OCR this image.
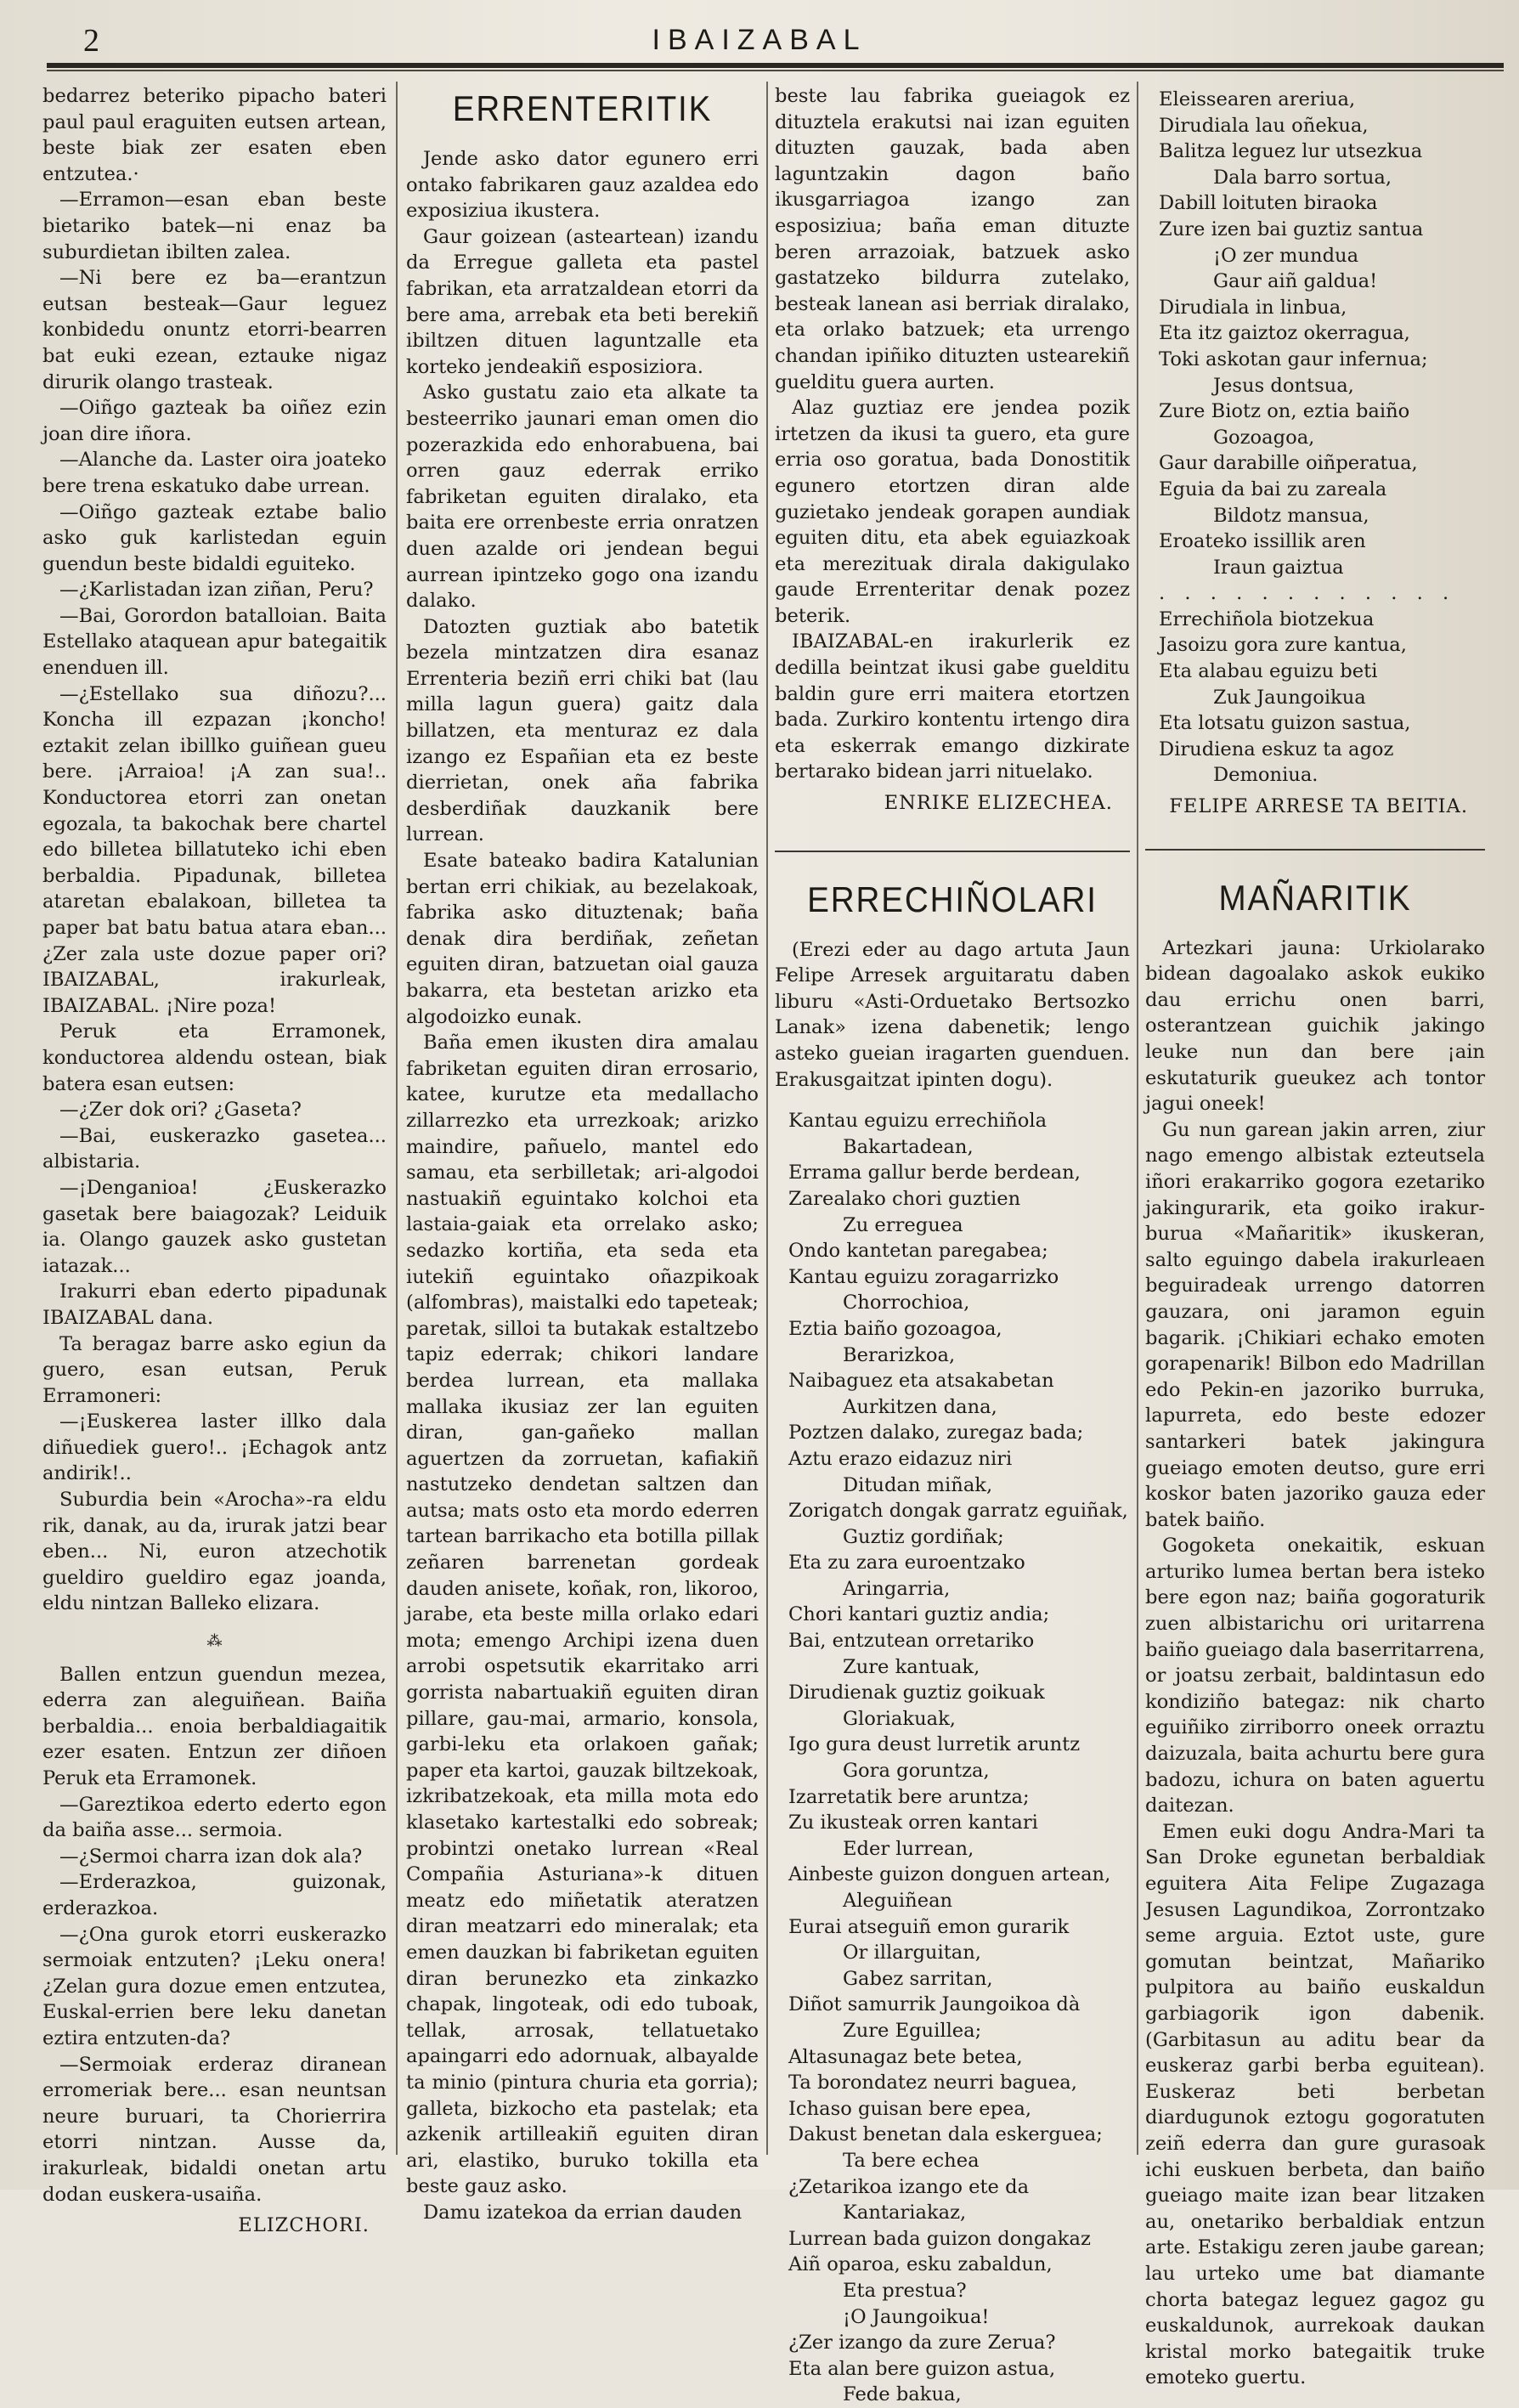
2	IBAIZABAL

bedarrez beteriko pipacho bateri paul paul eraguiten eutsen artean, beste biak zer esaten eben entzutea.·

—Erramon—esan eban beste bietariko batek—ni enaz ba suburdietan ibilten zalea.

—Ni bere ez ba—erantzun eutsan besteak—Gaur leguez konbidedu onuntz etorri-bearren bat euki ezean, eztauke nigaz dirurik olango trasteak.

—Oiñgo gazteak ba oiñez ezin joan dire iñora.

—Alanche da. Laster oira joateko bere trena eskatuko dabe urrean.

—Oiñgo gazteak eztabe balio asko guk karlistedan eguin guendun beste bidaldi eguiteko.

—¿Karlistadan izan ziñan, Peru?

—Bai, Gorordon batalloian. Baita Estellako ataquean apur bategaitik enenduen ill.

—¿Estellako sua diñozu?... Koncha ill ezpazan ¡koncho! eztakit zelan ibillko guiñean gueu bere. ¡Arraioa! ¡A zan sua!.. Konductorea etorri zan onetan egozala, ta bakochak bere chartel edo billetea billatuteko ichi eben berbaldia. Pipadunak, billetea ataretan ebalakoan, billetea ta paper bat batu batua atara eban... ¿Zer zala uste dozue paper ori? IBAIZABAL, irakurleak, IBAIZABAL. ¡Nire poza!

Peruk eta Erramonek, konductorea aldendu ostean, biak batera esan eutsen:

—¿Zer dok ori? ¿Gaseta?

—Bai, euskerazko gasetea... albistaria.

—¡Denganioa! ¿Euskerazko gasetak bere baiagozak? Leiduik ia. Olango gauzek asko gustetan iatazak...

Irakurri eban ederto pipadunak IBAIZABAL dana.

Ta beragaz barre asko egiun da guero, esan eutsan, Peruk Erramoneri:

—¡Euskerea laster illko dala diñuediek guero!.. ¡Echagok antz andirik!..

Suburdia bein «Arocha»-ra eldu rik, danak, au da, irurak jatzi bear eben... Ni, euron atzechotik gueldiro gueldiro egaz joanda, eldu nintzan Balleko elizara.

⁂

Ballen entzun guendun mezea, ederra zan aleguiñean. Baiña berbaldia... enoia berbaldiagaitik ezer esaten. Entzun zer diñoen Peruk eta Erramonek.

—Gareztikoa ederto ederto egon da baiña asse... sermoia.

—¿Sermoi charra izan dok ala?

—Erderazkoa, guizonak, erderazkoa.

—¿Ona gurok etorri euskerazko sermoiak entzuten? ¡Leku onera! ¿Zelan gura dozue emen entzutea, Euskal-errien bere leku danetan eztira entzuten-da?

—Sermoiak erderaz diranean erromeriak bere... esan neuntsan neure buruari, ta Chorierrira etorri nintzan. Ausse da, irakurleak, bidaldi onetan artu dodan euskera-usaiña.

ELIZCHORI.
ERRENTERITIK

Jende asko dator egunero erri ontako fabrikaren gauz azaldea edo exposiziua ikustera.

Gaur goizean (asteartean) izandu da Erregue galleta eta pastel fabrikan, eta arratzaldean etorri da bere ama, arrebak eta beti berekiñ ibiltzen dituen laguntzalle eta korteko jendeakiñ esposiziora.

Asko gustatu zaio eta alkate ta besteerriko jaunari eman omen dio pozerazkida edo enhorabuena, bai orren gauz ederrak erriko fabriketan eguiten diralako, eta baita ere orrenbeste erria onratzen duen azalde ori jendean begui aurrean ipintzeko gogo ona izandu dalako.

Datozten guztiak abo batetik bezela mintzatzen dira esanaz Errenteria beziñ erri chiki bat (lau milla lagun guera) gaitz dala billatzen, eta menturaz ez dala izango ez Españian eta ez beste dierrietan, onek aña fabrika desberdiñak dauzkanik bere lurrean.

Esate bateako badira Katalunian bertan erri chikiak, au bezelakoak, fabrika asko dituztenak; baña denak dira berdiñak, zeñetan eguiten diran, batzuetan oial gauza bakarra, eta bestetan arizko eta algodoizko eunak.

Baña emen ikusten dira amalau fabriketan eguiten diran errosario, katee, kurutze eta medallacho zillarrezko eta urrezkoak; arizko maindire, pañuelo, mantel edo samau, eta serbilletak; ari-algodoi nastuakiñ eguintako kolchoi eta lastaia-gaiak eta orrelako asko; sedazko kortiña, eta seda eta iutekiñ eguintako oñazpikoak (alfombras), maistalki edo tapeteak; paretak, silloi ta butakak estaltzebo tapiz ederrak; chikori landare berdea lurrean, eta mallaka mallaka ikusiaz zer lan eguiten diran, gan-gañeko mallan aguertzen da zorruetan, kafiakiñ nastutzeko dendetan saltzen dan autsa; mats osto eta mordo ederren tartean barrikacho eta botilla pillak zeñaren barrenetan gordeak dauden anisete, koñak, ron, likoroo, jarabe, eta beste milla orlako edari mota; emengo Archipi izena duen arrobi ospetsutik ekarritako arri gorrista nabartuakiñ eguiten diran pillare, gau-mai, armario, konsola, garbi-leku eta orlakoen gañak; paper eta kartoi, gauzak biltzekoak, izkribatzekoak, eta milla mota edo klasetako kartestalki edo sobreak; probintzi onetako lurrean «Real Compañia Asturiana»-k dituen meatz edo miñetatik ateratzen diran meatzarri edo mineralak; eta emen dauzkan bi fabriketan eguiten diran berunezko eta zinkazko chapak, lingoteak, odi edo tuboak, tellak, arrosak, tellatuetako apaingarri edo adornuak, albayalde ta minio (pintura churia eta gorria); galleta, bizkocho eta pastelak; eta azkenik artilleakiñ eguiten diran ari, elastiko, buruko tokilla eta beste gauz asko.

Damu izatekoa da errian dauden

beste lau fabrika gueiagok ez dituztela erakutsi nai izan eguiten dituzten gauzak, bada aben laguntzakin dagon baño ikusgarriagoa izango zan esposiziua; baña eman dituzte beren arrazoiak, batzuek asko gastatzeko bildurra zutelako, besteak lanean asi berriak diralako, eta orlako batzuek; eta urrengo chandan ipiñiko dituzten ustearekiñ guelditu guera aurten.

Alaz guztiaz ere jendea pozik irtetzen da ikusi ta guero, eta gure erria oso goratua, bada Donostitik egunero etortzen diran alde guzietako jendeak gorapen aundiak eguiten ditu, eta abek eguiazkoak eta merezituak dirala dakigulako gaude Errenteritar denak pozez beterik.

IBAIZABAL-en irakurlerik ez dedilla beintzat ikusi gabe guelditu baldin gure erri maitera etortzen bada. Zurkiro kontentu irtengo dira eta eskerrak emango dizkirate bertarako bidean jarri nituelako.

ENRIKE ELIZECHEA.
ERRECHIÑOLARI

(Erezi eder au dago artuta Jaun Felipe Arresek arguitaratu daben liburu «Asti-Orduetako Bertsozko Lanak» izena dabenetik; lengo asteko gueian iragarten guenduen. Erakusgaitzat ipinten dogu).

Kantau eguizu errechiñola
Bakartadean,
Errama gallur berde berdean,
Zarealako chori guztien
Zu erreguea
Ondo kantetan paregabea;
Kantau eguizu zoragarrizko
Chorrochioa,
Eztia baiño gozoagoa,
Berarizkoa,
Naibaguez eta atsakabetan
Aurkitzen dana,
Poztzen dalako, zuregaz bada;
Aztu erazo eidazuz niri
Ditudan miñak,
Zorigatch dongak garratz eguiñak,
Guztiz gordiñak;
Eta zu zara euroentzako
Aringarria,
Chori kantari guztiz andia;
Bai, entzutean orretariko
Zure kantuak,
Dirudienak guztiz goikuak
Gloriakuak,
Igo gura deust lurretik aruntz
Gora goruntza,
Izarretatik bere aruntza;
Zu ikusteak orren kantari
Eder lurrean,
Ainbeste guizon donguen artean,
Aleguiñean
Eurai atseguiñ emon gurarik
Or illarguitan,
Gabez sarritan,
Diñot samurrik Jaungoikoa dà
Zure Eguillea;
Altasunagaz bete betea,
Ta borondatez neurri baguea,
Ichaso guisan bere epea,
Dakust benetan dala eskerguea;
Ta bere echea
¿Zetarikoa izango ete da
Kantariakaz,
Lurrean bada guizon dongakaz
Aiñ oparoa, esku zabaldun,
Eta prestua?
¡O Jaungoikua!
¿Zer izango da zure Zerua?
Eta alan bere guizon astua,
Fede bakua,
Eleissearen areriua,
Dirudiala lau oñekua,
Balitza leguez lur utsezkua
Dala barro sortua,
Dabill loituten biraoka
Zure izen bai guztiz santua
¡O zer mundua
Gaur aiñ galdua!
Dirudiala in linbua,
Eta itz gaiztoz okerragua,
Toki askotan gaur infernua;
Jesus dontsua,
Zure Biotz on, eztia baiño
Gozoagoa,
Gaur darabille oiñperatua,
Eguia da bai zu zareala
Bildotz mansua,
Eroateko issillik aren
Iraun gaiztua
. . . . . . . . . . . .
Errechiñola biotzekua
Jasoizu gora zure kantua,
Eta alabau eguizu beti
Zuk Jaungoikua
Eta lotsatu guizon sastua,
Dirudiena eskuz ta agoz
Demoniua.
FELIPE ARRESE TA BEITIA.
MAÑARITIK

Artezkari jauna: Urkiolarako bidean dagoalako askok eukiko dau errichu onen barri, osterantzean guichik jakingo leuke nun dan bere ¡ain eskutaturik gueukez ach tontor jagui oneek!

Gu nun garean jakin arren, ziur nago emengo albistak ezteutsela iñori erakarriko gogora ezetariko jakingurarik, eta goiko irakur-burua «Mañaritik» ikuskeran, salto eguingo dabela irakurleaen beguiradeak urrengo datorren gauzara, oni jaramon eguin bagarik. ¡Chikiari echako emoten gorapenarik! Bilbon edo Madrillan edo Pekin-en jazoriko burruka, lapurreta, edo beste edozer santarkeri batek jakingura gueiago emoten deutso, gure erri koskor baten jazoriko gauza eder batek baiño.

Gogoketa onekaitik, eskuan arturiko lumea bertan bera isteko bere egon naz; baiña gogoraturik zuen albistarichu ori uritarrena baiño gueiago dala baserritarrena, or joatsu zerbait, baldintasun edo kondiziño bategaz: nik charto eguiñiko zirriborro oneek orraztu daizuzala, baita achurtu bere gura badozu, ichura on baten aguertu daitezan.

Emen euki dogu Andra-Mari ta San Droke egunetan berbaldiak eguitera Aita Felipe Zugazaga Jesusen Lagundikoa, Zorrontzako seme arguia. Eztot uste, gure gomutan beintzat, Mañariko pulpitora au baiño euskaldun garbiagorik igon dabenik. (Garbitasun au aditu bear da euskeraz garbi berba eguitean). Euskeraz beti berbetan diardugunok eztogu gogoratuten zeiñ ederra dan gure gurasoak ichi euskuen berbeta, dan baiño gueiago maite izan bear litzaken au, onetariko berbaldiak entzun arte. Estakigu zeren jaube garean; lau urteko ume bat diamante chorta bategaz leguez gagoz gu euskaldunok, aurrekoak daukan kristal morko bategaitik truke emoteko guertu.
